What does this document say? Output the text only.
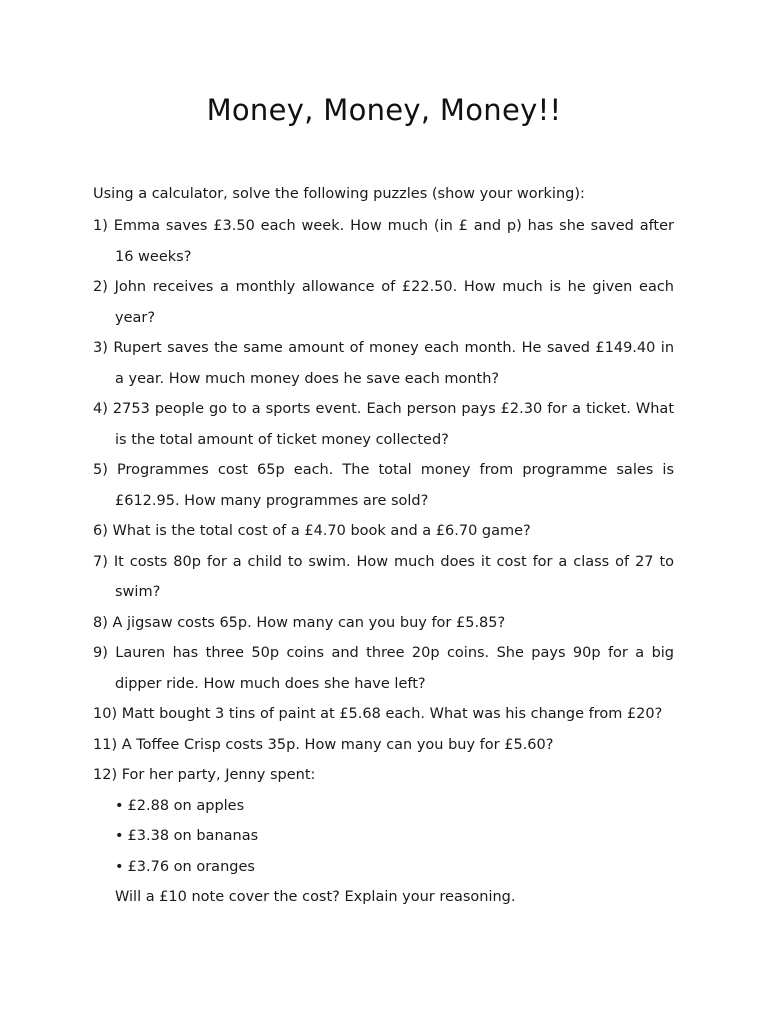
Money, Money, Money!!
Using a calculator, solve the following puzzles (show your working):
1) Emma saves £3.50 each week. How much (in £ and p) has she saved after 16 weeks?
2) John receives a monthly allowance of £22.50. How much is he given each year?
3) Rupert saves the same amount of money each month. He saved £149.40 in a year. How much money does he save each month?
4) 2753 people go to a sports event. Each person pays £2.30 for a ticket. What is the total amount of ticket money collected?
5) Programmes cost 65p each. The total money from programme sales is £612.95. How many programmes are sold?
6) What is the total cost of a £4.70 book and a £6.70 game?
7) It costs 80p for a child to swim. How much does it cost for a class of 27 to swim?
8) A jigsaw costs 65p. How many can you buy for £5.85?
9) Lauren has three 50p coins and three 20p coins. She pays 90p for a big dipper ride. How much does she have left?
10) Matt bought 3 tins of paint at £5.68 each. What was his change from £20?
11) A Toffee Crisp costs 35p. How many can you buy for £5.60?
12) For her party, Jenny spent:
• £2.88 on apples
• £3.38 on bananas
• £3.76 on oranges
Will a £10 note cover the cost? Explain your reasoning.
